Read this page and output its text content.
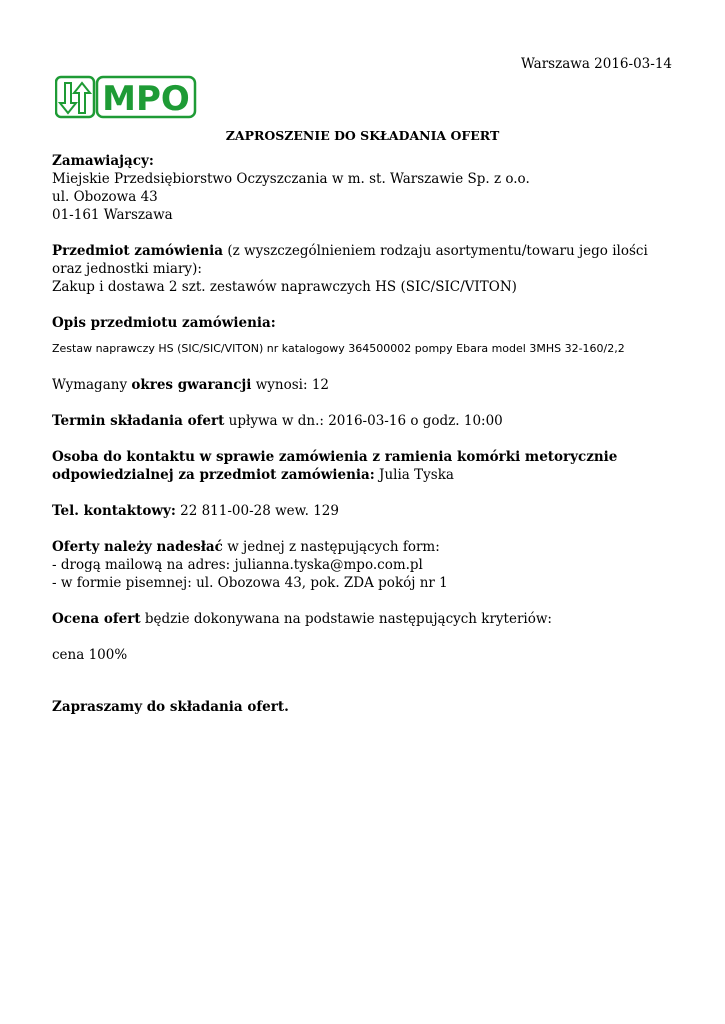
Warszawa 2016-03-14
MPO
ZAPROSZENIE DO SKŁADANIA OFERT

Zamawiający:

Miejskie Przedsiębiorstwo Oczyszczania w m. st. Warszawie Sp. z o.o.

ul. Obozowa 43

01-161 Warszawa

Przedmiot zamówienia (z wyszczególnieniem rodzaju asortymentu/towaru jego ilości oraz jednostki miary):

Zakup i dostawa 2 szt. zestawów naprawczych HS (SIC/SIC/VITON)

Opis przedmiotu zamówienia:

Zestaw naprawczy HS (SIC/SIC/VITON) nr katalogowy 364500002 pompy Ebara model 3MHS 32-160/2,2

Wymagany okres gwarancji wynosi: 12

Termin składania ofert upływa w dn.: 2016-03-16 o godz. 10:00

Osoba do kontaktu w sprawie zamówienia z ramienia komórki metorycznie odpowiedzialnej za przedmiot zamówienia: Julia Tyska

Tel. kontaktowy: 22 811-00-28 wew. 129

Oferty należy nadesłać w jednej z następujących form:

- drogą mailową na adres: julianna.tyska@mpo.com.pl

- w formie pisemnej: ul. Obozowa 43, pok. ZDA pokój nr 1

Ocena ofert będzie dokonywana na podstawie następujących kryteriów:

cena 100%

Zapraszamy do składania ofert.
